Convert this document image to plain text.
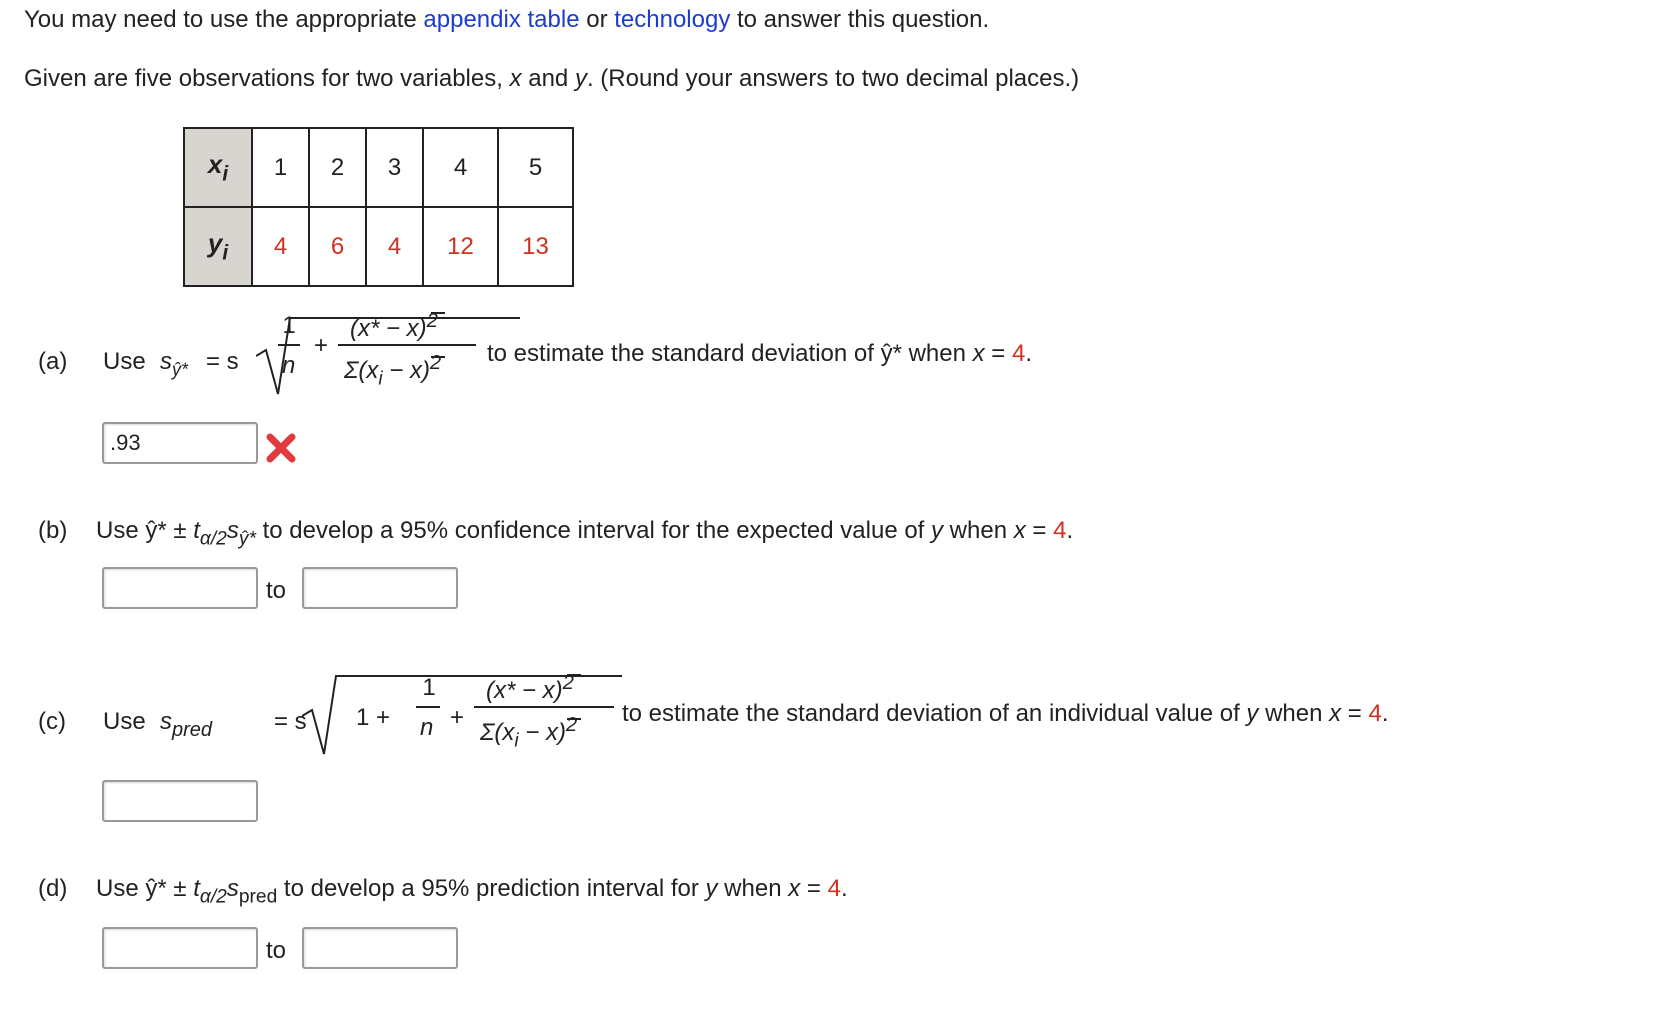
You may need to use the appropriate appendix table or technology to answer this question.
Given are five observations for two variables, x and y. (Round your answers to two decimal places.)
$x_i$	1	2	3	4	5
$y_i$	4	6	4	12	13
(a) Use $s_{ŷ*} = s$
1
n
+
$(x* - x)^2$
$\Sigma(x_i - x)^2$ to estimate the standard deviation of ŷ* when x = 4.
.93
(b) Use ŷ* ± $t_{\alpha/2}s_{ŷ*}$ to develop a 95% confidence interval for the expected value of y when x = 4.
to
(c) Use $s_{pred}$	= s 1 +
1
n +
$(x* - x)^2$
$\Sigma(x_i - x)^2$ to estimate the standard deviation of an individual value of y when x = 4.
(d) Use ŷ* ± $t_{\alpha/2}s_{pred}$ to develop a 95% prediction interval for y when x = 4.
to
